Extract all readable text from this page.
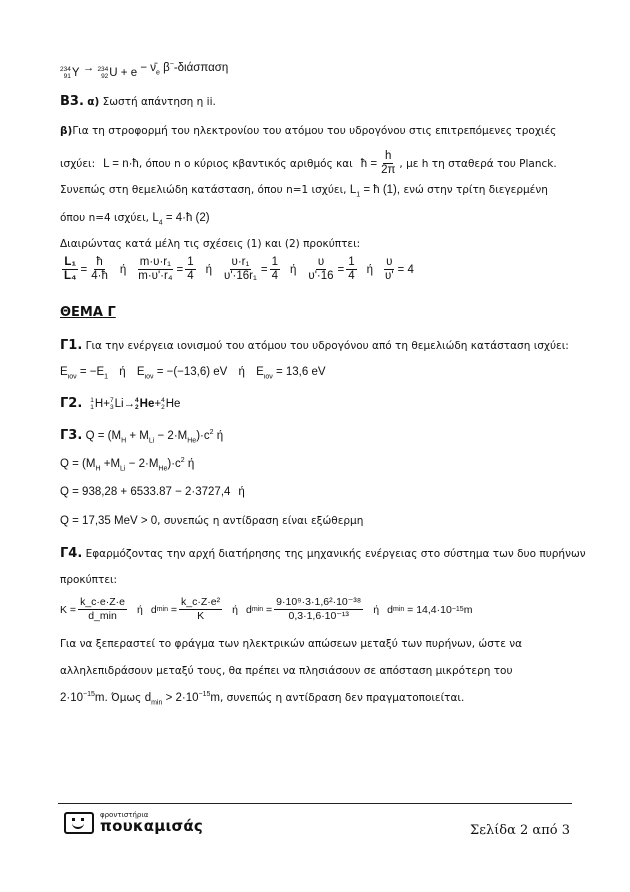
234
91 Y → 234
92 $U + e - \nū_e$ β−-διάσπαση
Β3. α) Σωστή απάντηση η ii.
β)Για τη στροφορμή του ηλεκτρονίου του ατόμου του υδρογόνου στις επιτρεπόμενες τροχιές
ισχύει: L = n·ħ , όπου n ο κύριος κβαντικός αριθμός και ħ = $\frac{h}{2\pi}$ , με h τη σταθερά του Planck.
Συνεπώς στη θεμελιώδη κατάσταση, όπου n=1 ισχύει, $L_1$ = ħ (1), ενώ στην τρίτη διεγερμένη
όπου n=4 ισχύει, $L_4$ = 4·ħ (2)
Διαιρώντας κατά μέλη τις σχέσεις (1) και (2) προκύπτει:
$\frac{\text{L₁}}{\text{L₄}} = \frac{ħ}{4\cdot ħ}$ ή $\frac{\text{m·υ·r₁}}{\text{m·υ'·r₄}} = \frac{1}{4}$ ή $\frac{\text{υ·r₁}}{\text{υ'·16r₁}} = \frac{1}{4}$ ή $\frac{\upsilon}{\upsilon'\cdot 16} = \frac{1}{4}$ ή $\frac{\upsilon}{\upsilon'} = 4$
ΘΕΜΑ Γ
Γ1. Για την ενέργεια ιονισμού του ατόμου του υδρογόνου από τη θεμελιώδη κατάσταση ισχύει:
$E_{\iota o\nu} = -E_1$ ή $E_{\iota o\nu} = -(-13,6)$ eV ή $E_{\iota o\nu} = 13,6$ eV
Γ2. 1
1 H + 7
3 Li → 4
2 He + 4
2 He
Γ3. $Q = (M_H + M_{Li} - 2\cdot M_{He})\cdot c^2$ ή
$Q = (M_H +M_{Li} - 2\cdot M_{He})\cdot c^2$ ή
Q = 938,28 + 6533.87 − 2·3727,4 ή
Q = 17,35 MeV > 0, συνεπώς η αντίδραση είναι εξώθερμη
Γ4. Εφαρμόζοντας την αρχή διατήρησης της μηχανικής ενέργειας στο σύστημα των δυο πυρήνων
προκύπτει:
$K = \frac{k\_c\cdot e\cdot Z\cdot e}{d\_\min}$ ή d min
= $\frac{\text{k\_c·Z·e²}}{K}$ ή d min
= $\frac{\text{9·10⁹·3·1,6²·10⁻³⁸}}{\text{0,3·1,6·10⁻¹³}}$ ή d min
= 14,4·10 −15 m
Για να ξεπεραστεί το φράγμα των ηλεκτρικών απώσεων μεταξύ των πυρήνων, ώστε να
αλληλεπιδράσουν μεταξύ τους, θα πρέπει να πλησιάσουν σε απόσταση μικρότερη του
$2\cdot 10^{-15}m$. Όμως $d_{min} > 2\cdot 10^{-15}m$, συνεπώς η αντίδραση δεν πραγματοποιείται.
φροντιστήρια
πουκαμισάς	Σελίδα 2 από 3
